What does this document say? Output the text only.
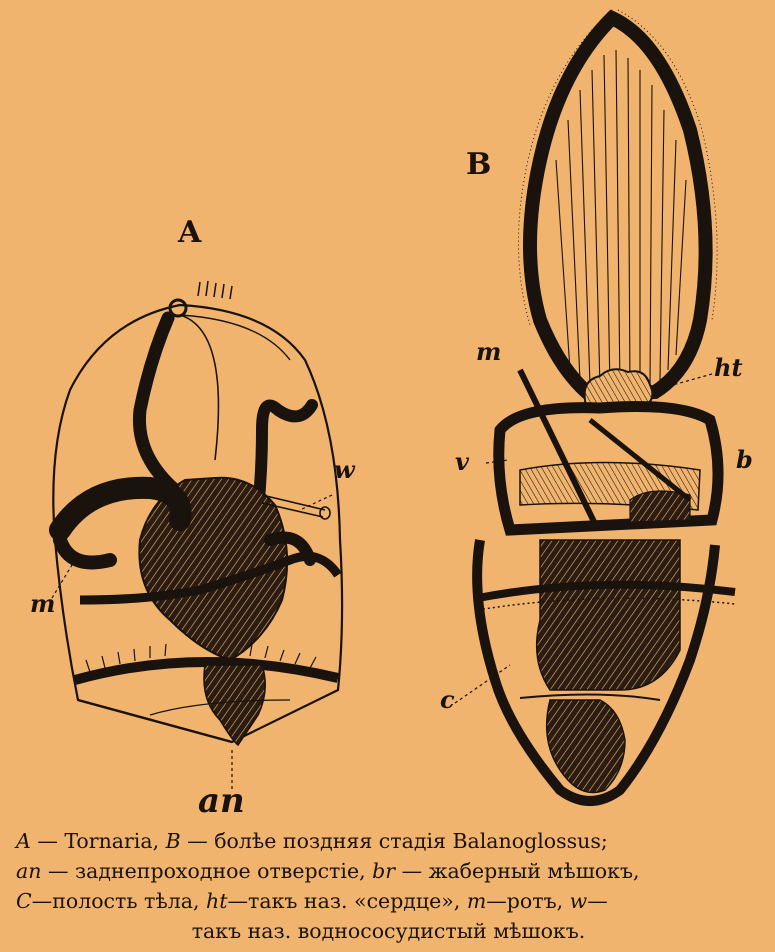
A
B
w
m
an
m
ht
v	b
c
A — Tornaria, B — болѣе поздняя стадія Balanoglossus;
an — заднепроходное отверстіе, br — жаберный мѣшокъ,
C—полость тѣла, ht—такъ наз. «сердце», m—ротъ, w—
такъ наз. воднососудистый мѣшокъ.
